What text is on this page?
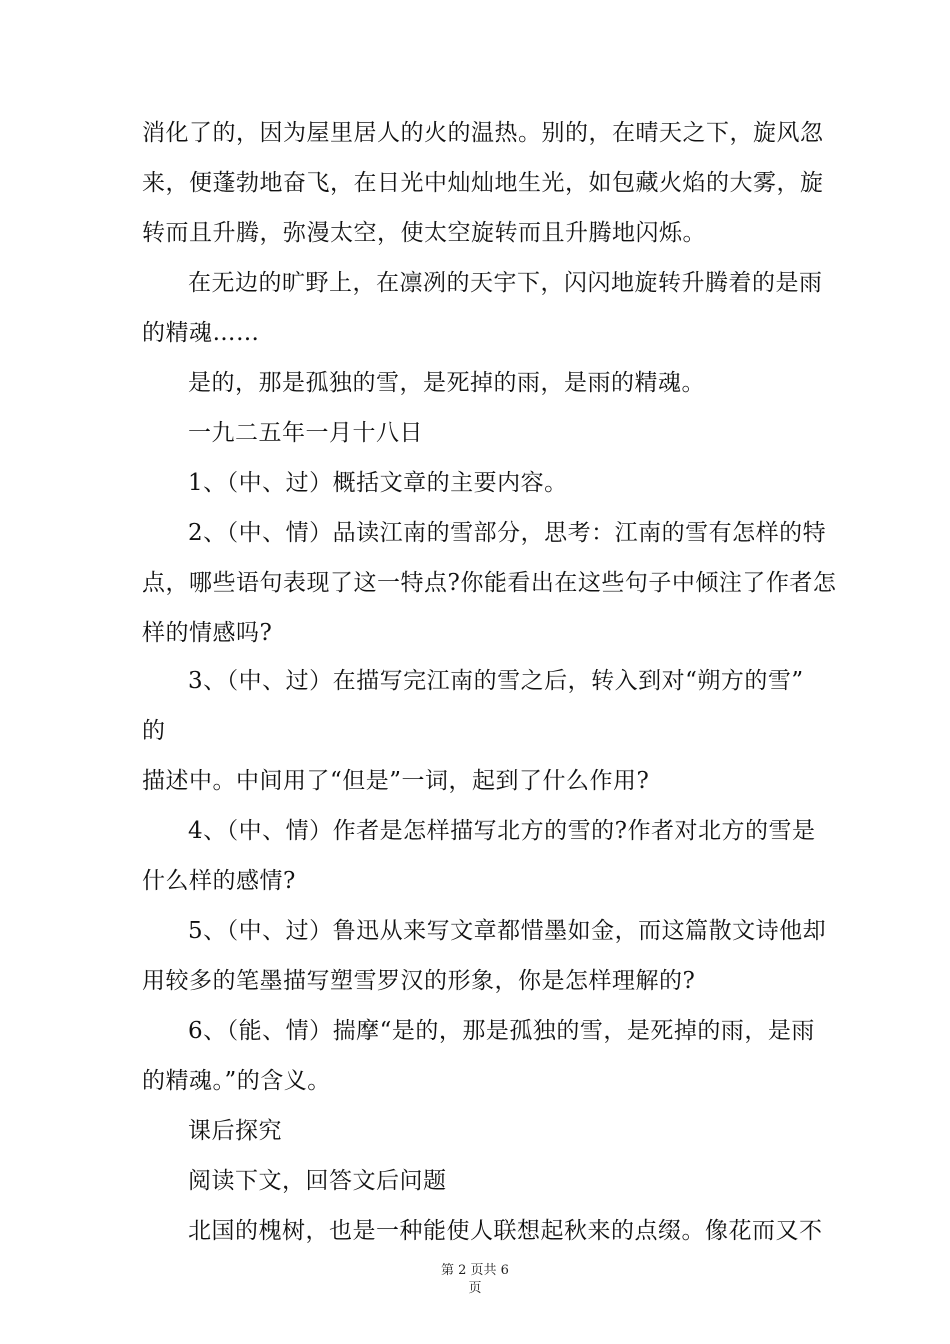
消化了的，因为屋里居人的火的温热。别的，在晴天之下，旋风忽
来，便蓬勃地奋飞，在日光中灿灿地生光，如包藏火焰的大雾，旋
转而且升腾，弥漫太空，使太空旋转而且升腾地闪烁。
在无边的旷野上，在凛冽的天宇下，闪闪地旋转升腾着的是雨
的精魂……
是的，那是孤独的雪，是死掉的雨，是雨的精魂。
一九二五年一月十八日
1、（中、过）概括文章的主要内容。
2、（中、情）品读江南的雪部分，思考：江南的雪有怎样的特
点，哪些语句表现了这一特点?你能看出在这些句子中倾注了作者怎
样的情感吗?
3、（中、过）在描写完江南的雪之后，转入到对“朔方的雪”
的
描述中。中间用了“但是”一词，起到了什么作用?
4、（中、情）作者是怎样描写北方的雪的?作者对北方的雪是
什么样的感情?
5、（中、过）鲁迅从来写文章都惜墨如金，而这篇散文诗他却
用较多的笔墨描写塑雪罗汉的形象，你是怎样理解的?
6、（能、情）揣摩“是的，那是孤独的雪，是死掉的雨，是雨
的精魂。”的含义。
课后探究
阅读下文，回答文后问题
北国的槐树，也是一种能使人联想起秋来的点缀。像花而又不
第 2 页共 6
页
